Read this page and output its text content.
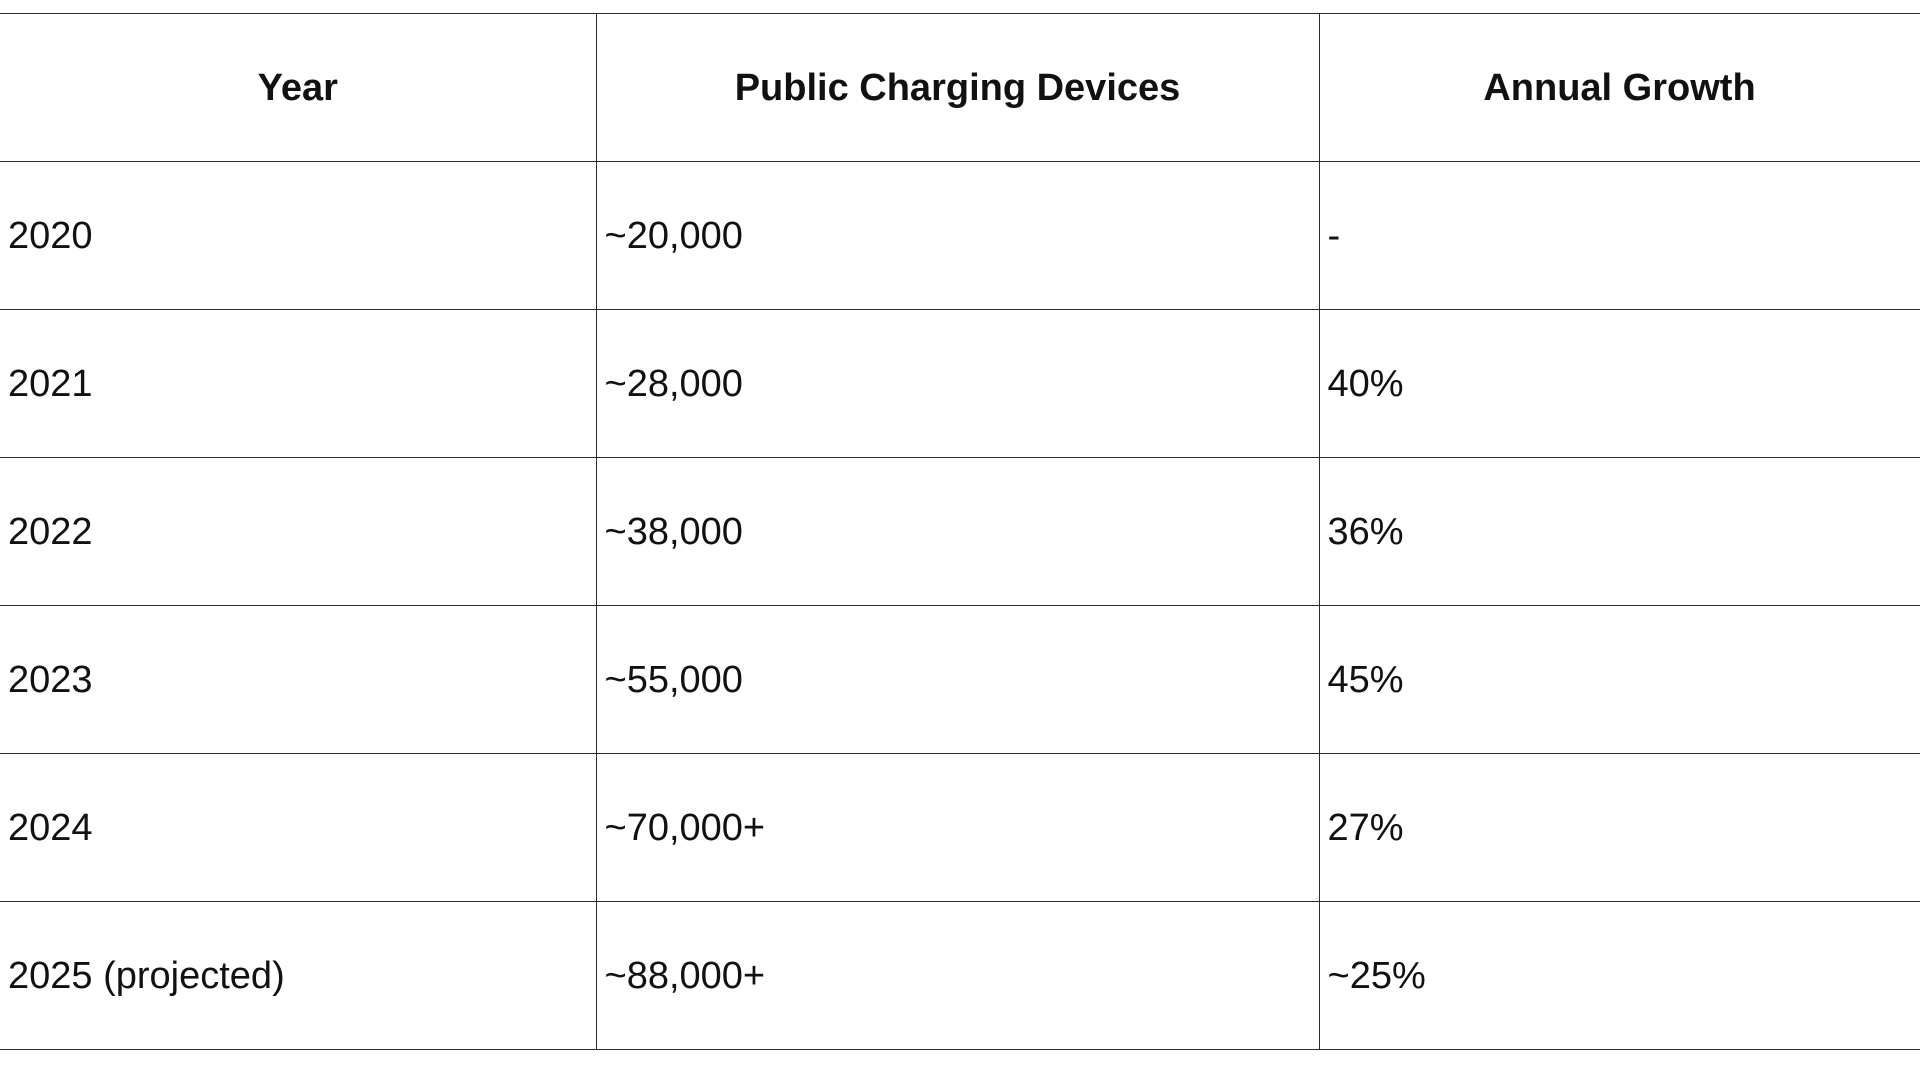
Year	Public Charging Devices	Annual Growth
2020	~20,000	-
2021	~28,000	40%
2022	~38,000	36%
2023	~55,000	45%
2024	~70,000+	27%
2025 (projected)	~88,000+	~25%
